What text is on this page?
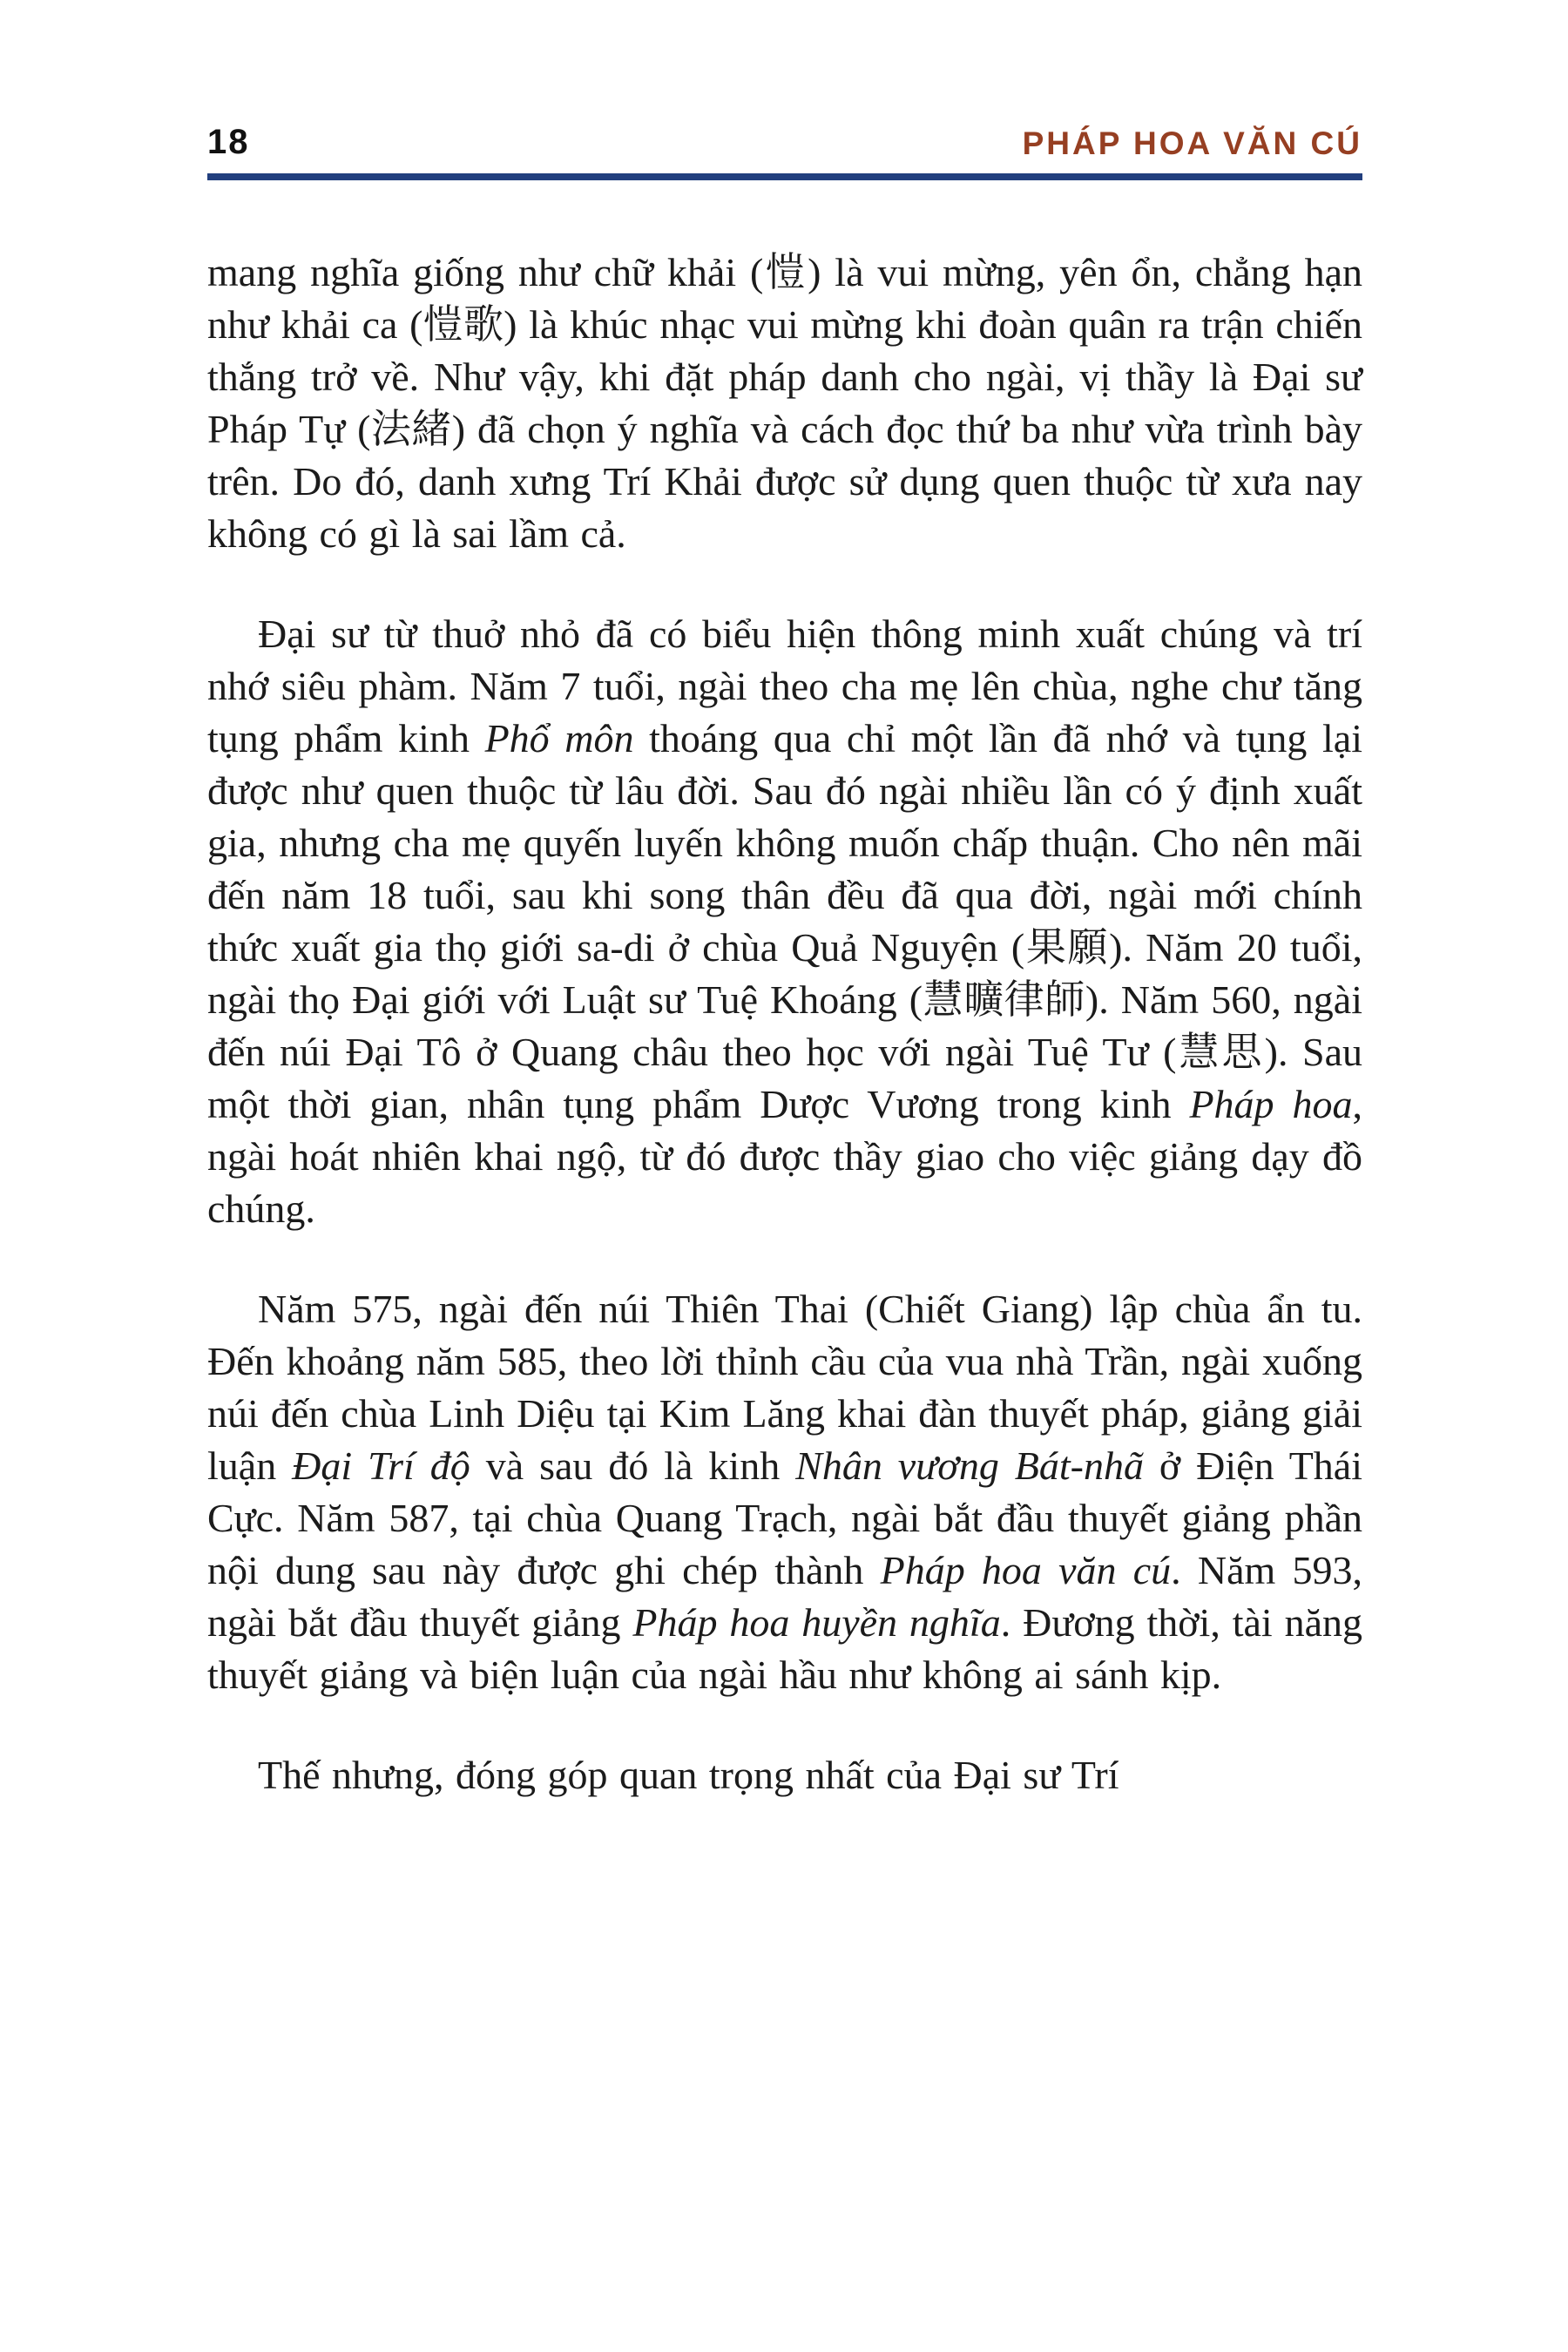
18	PHÁP HOA VĂN CÚ

mang nghĩa giống như chữ khải (愷) là vui mừng, yên ổn, chẳng hạn như khải ca (愷歌) là khúc nhạc vui mừng khi đoàn quân ra trận chiến thắng trở về. Như vậy, khi đặt pháp danh cho ngài, vị thầy là Đại sư Pháp Tự (法緒) đã chọn ý nghĩa và cách đọc thứ ba như vừa trình bày trên. Do đó, danh xưng Trí Khải được sử dụng quen thuộc từ xưa nay không có gì là sai lầm cả.

Đại sư từ thuở nhỏ đã có biểu hiện thông minh xuất chúng và trí nhớ siêu phàm. Năm 7 tuổi, ngài theo cha mẹ lên chùa, nghe chư tăng tụng phẩm kinh Phổ môn thoáng qua chỉ một lần đã nhớ và tụng lại được như quen thuộc từ lâu đời. Sau đó ngài nhiều lần có ý định xuất gia, nhưng cha mẹ quyến luyến không muốn chấp thuận. Cho nên mãi đến năm 18 tuổi, sau khi song thân đều đã qua đời, ngài mới chính thức xuất gia thọ giới sa-di ở chùa Quả Nguyện (果願). Năm 20 tuổi, ngài thọ Đại giới với Luật sư Tuệ Khoáng (慧曠律師). Năm 560, ngài đến núi Đại Tô ở Quang châu theo học với ngài Tuệ Tư (慧思). Sau một thời gian, nhân tụng phẩm Dược Vương trong kinh Pháp hoa, ngài hoát nhiên khai ngộ, từ đó được thầy giao cho việc giảng dạy đồ chúng.

Năm 575, ngài đến núi Thiên Thai (Chiết Giang) lập chùa ẩn tu. Đến khoảng năm 585, theo lời thỉnh cầu của vua nhà Trần, ngài xuống núi đến chùa Linh Diệu tại Kim Lăng khai đàn thuyết pháp, giảng giải luận Đại Trí độ và sau đó là kinh Nhân vương Bát-nhã ở Điện Thái Cực. Năm 587, tại chùa Quang Trạch, ngài bắt đầu thuyết giảng phần nội dung sau này được ghi chép thành Pháp hoa văn cú. Năm 593, ngài bắt đầu thuyết giảng Pháp hoa huyền nghĩa. Đương thời, tài năng thuyết giảng và biện luận của ngài hầu như không ai sánh kịp.

Thế nhưng, đóng góp quan trọng nhất của Đại sư Trí
